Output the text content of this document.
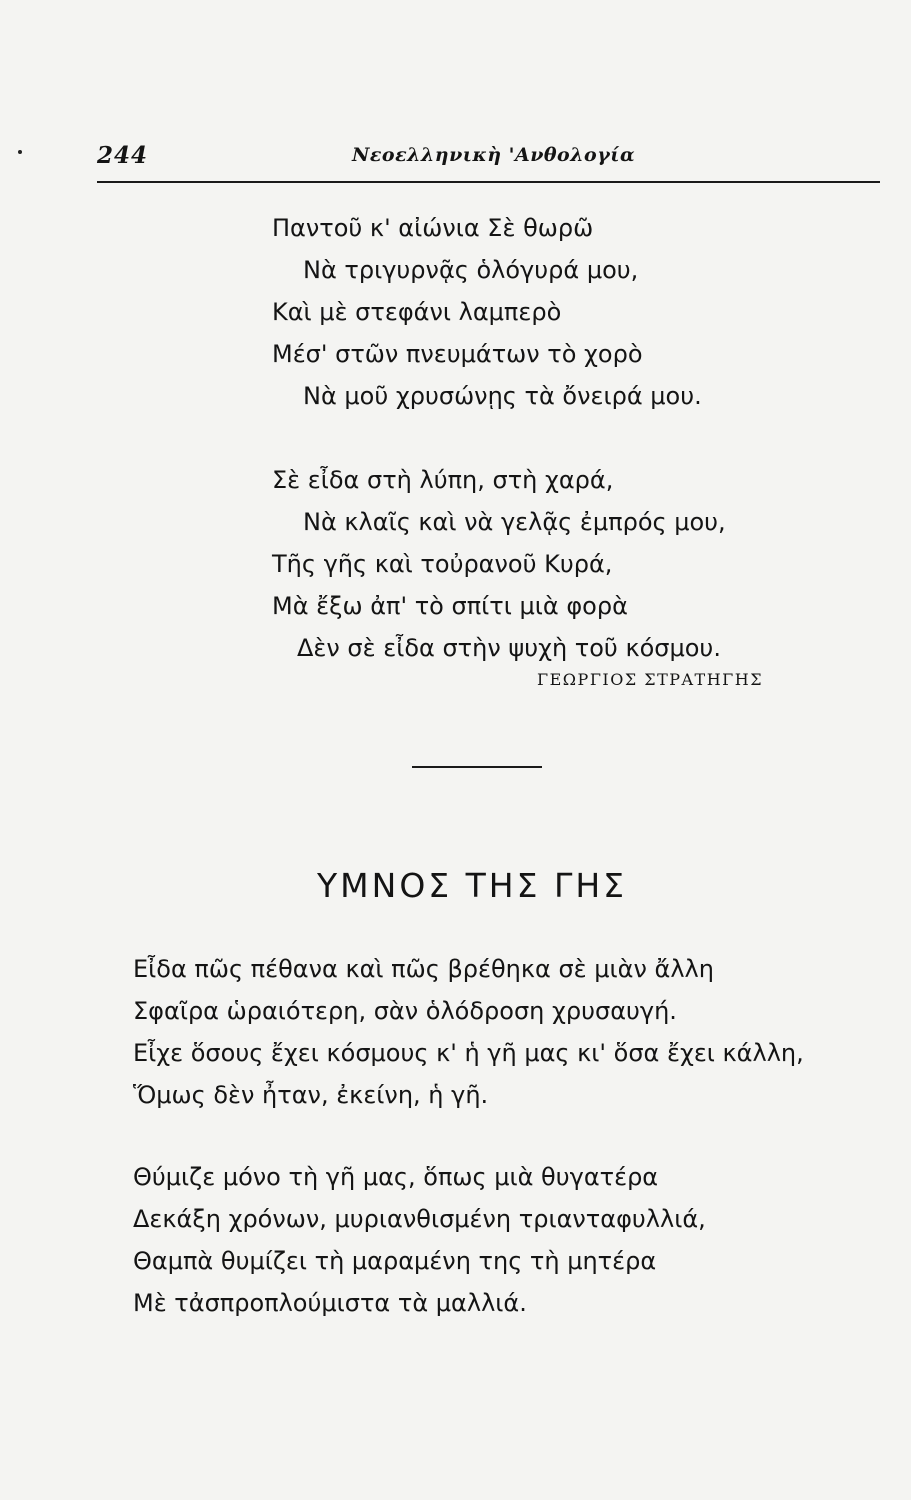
244	Νεοελληνικὴ 'Ανθολογία
Παντοῦ κ' αἰώνια Σὲ θωρῶ
Νὰ τριγυρνᾷς ὁλόγυρά μου,
Καὶ μὲ στεφάνι λαμπερὸ
Μέσ' στῶν πνευμάτων τὸ χορὸ
Νὰ μοῦ χρυσώνῃς τὰ ὄνειρά μου.
Σὲ εἶδα στὴ λύπη, στὴ χαρά,
Νὰ κλαῖς καὶ νὰ γελᾷς ἐμπρός μου,
Τῆς γῆς καὶ τοὐρανοῦ Κυρά,
Μὰ ἔξω ἀπ' τὸ σπίτι μιὰ φορὰ
Δὲν σὲ εἶδα στὴν ψυχὴ τοῦ κόσμου.
ΓΕΩΡΓΙΟΣ ΣΤΡΑΤΗΓΗΣ
ΥΜΝΟΣ ΤΗΣ ΓΗΣ
Εἶδα πῶς πέθανα καὶ πῶς βρέθηκα σὲ μιὰν ἄλλη
Σφαῖρα ὡραιότερη, σὰν ὁλόδροση χρυσαυγή.
Εἶχε ὅσους ἔχει κόσμους κ' ἡ γῆ μας κι' ὅσα ἔχει κάλλη,
Ὅμως δὲν ἦταν, ἐκείνη, ἡ γῆ.
Θύμιζε μόνο τὴ γῆ μας, ὅπως μιὰ θυγατέρα
Δεκάξη χρόνων, μυριανθισμένη τριανταφυλλιά,
Θαμπὰ θυμίζει τὴ μαραμένη της τὴ μητέρα
Μὲ τἀσπροπλούμιστα τὰ μαλλιά.
